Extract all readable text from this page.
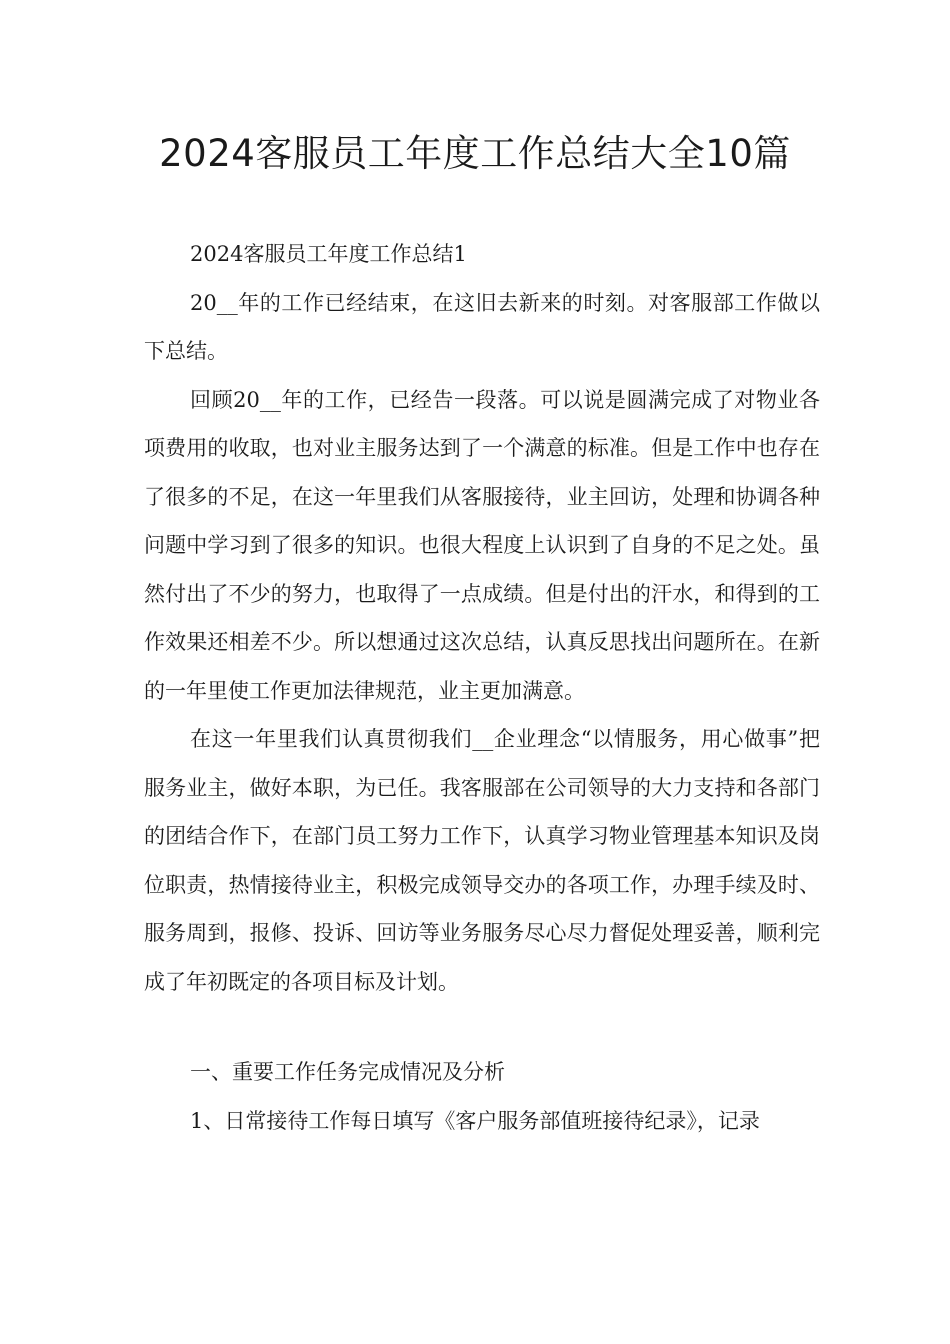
2024客服员工年度工作总结大全10篇

2024客服员工年度工作总结1

20__年的工作已经结束，在这旧去新来的时刻。对客服部工作做以下总结。

回顾20__年的工作，已经告一段落。可以说是圆满完成了对物业各项费用的收取，也对业主服务达到了一个满意的标准。但是工作中也存在了很多的不足，在这一年里我们从客服接待，业主回访，处理和协调各种问题中学习到了很多的知识。也很大程度上认识到了自身的不足之处。虽然付出了不少的努力，也取得了一点成绩。但是付出的汗水，和得到的工作效果还相差不少。所以想通过这次总结，认真反思找出问题所在。在新的一年里使工作更加法律规范，业主更加满意。

在这一年里我们认真贯彻我们__企业理念“以情服务，用心做事”把服务业主，做好本职，为已任。我客服部在公司领导的大力支持和各部门的团结合作下，在部门员工努力工作下，认真学习物业管理基本知识及岗位职责，热情接待业主，积极完成领导交办的各项工作，办理手续及时、服务周到，报修、投诉、回访等业务服务尽心尽力督促处理妥善，顺利完成了年初既定的各项目标及计划。

一、重要工作任务完成情况及分析

1、日常接待工作每日填写《客户服务部值班接待纪录》，记录
